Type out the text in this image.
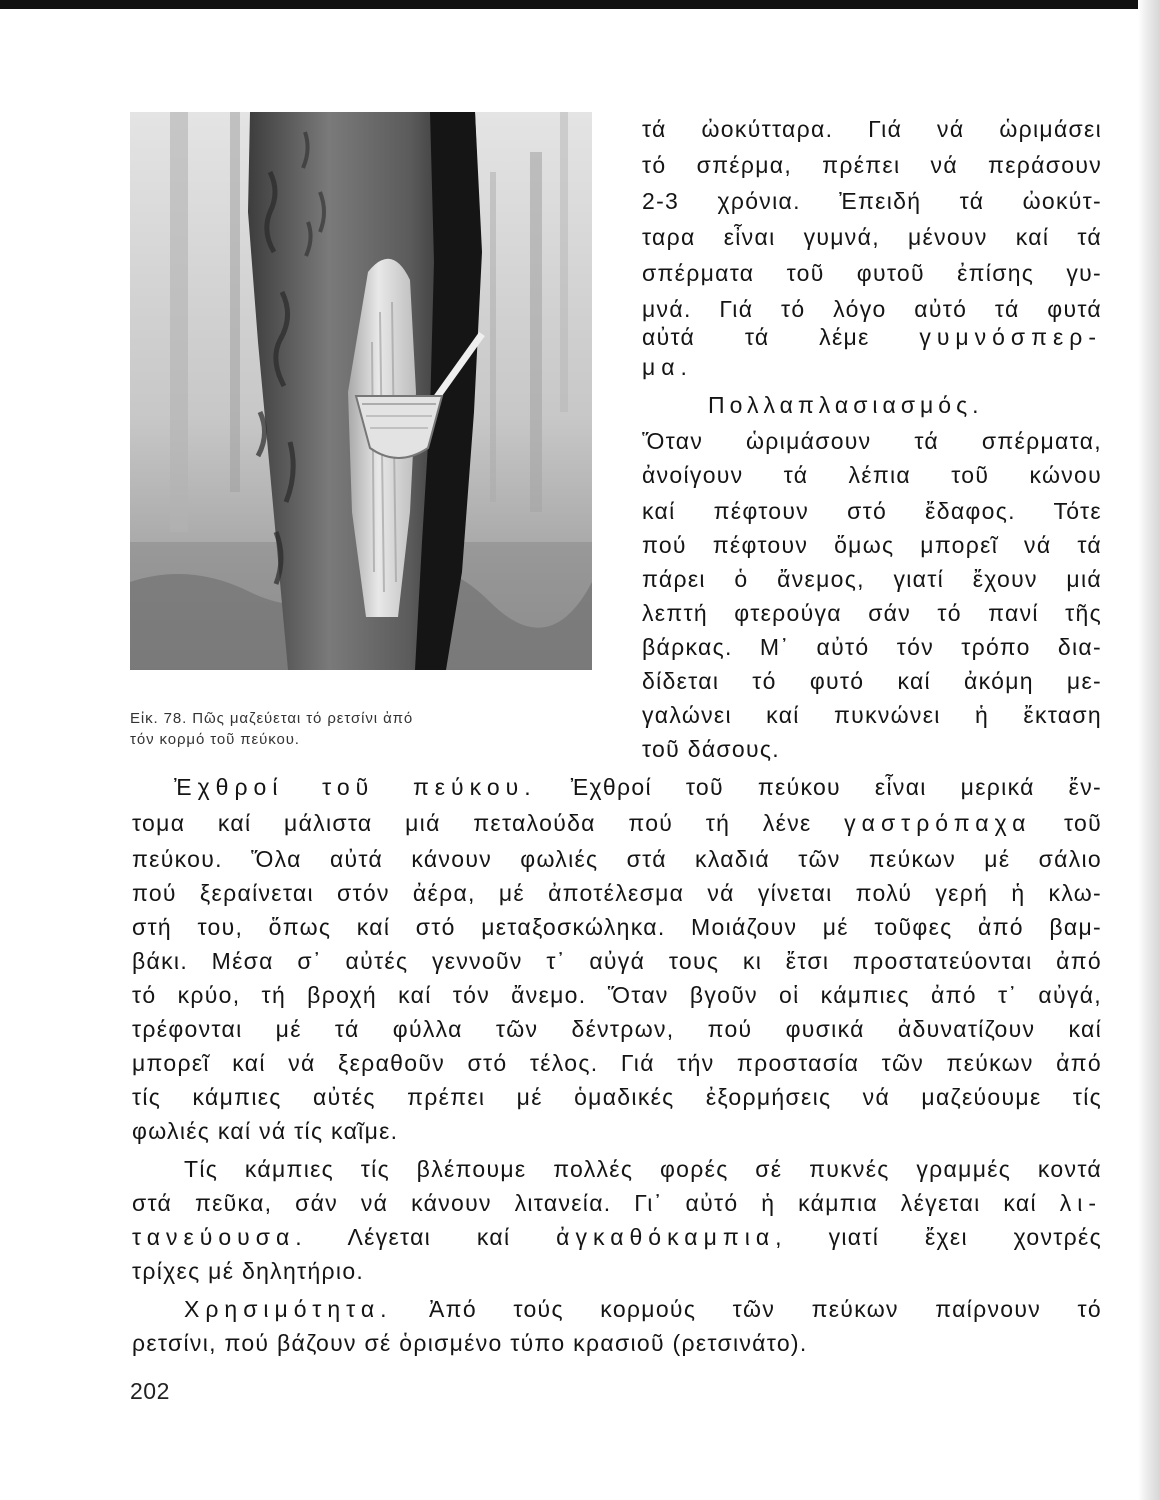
Εἰκ. 78. Πῶς μαζεύεται τό ρετσίνι ἀπό
τόν κορμό τοῦ πεύκου.
τά ὠοκύτταρα. Γιά νά ὡριμάσει
τό σπέρμα, πρέπει νά περάσουν
2-3 χρόνια. Ἐπειδή τά ὠοκύτ-
ταρα εἶναι γυμνά, μένουν καί τά
σπέρματα τοῦ φυτοῦ ἐπίσης γυ-
μνά. Γιά τό λόγο αὐτό τά φυτά
αὐτά τά λέμε γυμνόσπερ-
μα.
Πολλαπλασιασμός.
Ὅταν ὡριμάσουν τά σπέρματα,
ἀνοίγουν τά λέπια τοῦ κώνου
καί πέφτουν στό ἔδαφος. Τότε
πού πέφτουν ὅμως μπορεῖ νά τά
πάρει ὁ ἄνεμος, γιατί ἔχουν μιά
λεπτή φτερούγα σάν τό πανί τῆς
βάρκας. Μ᾿ αὐτό τόν τρόπο δια-
δίδεται τό φυτό καί ἀκόμη με-
γαλώνει καί πυκνώνει ἡ ἔκταση
τοῦ δάσους.
Ἐχθροί τοῦ πεύκου. Ἐχθροί τοῦ πεύκου εἶναι μερικά ἔν-
τομα καί μάλιστα μιά πεταλούδα πού τή λένε γαστρόπαχα τοῦ
πεύκου. Ὅλα αὐτά κάνουν φωλιές στά κλαδιά τῶν πεύκων μέ σάλιο
πού ξεραίνεται στόν ἀέρα, μέ ἀποτέλεσμα νά γίνεται πολύ γερή ἡ κλω-
στή του, ὅπως καί στό μεταξοσκώληκα. Μοιάζουν μέ τοῦφες ἀπό βαμ-
βάκι. Μέσα σ᾿ αὐτές γεννοῦν τ᾿ αὐγά τους κι ἔτσι προστατεύονται ἀπό
τό κρύο, τή βροχή καί τόν ἄνεμο. Ὅταν βγοῦν οἱ κάμπιες ἀπό τ᾿ αὐγά,
τρέφονται μέ τά φύλλα τῶν δέντρων, πού φυσικά ἀδυνατίζουν καί
μπορεῖ καί νά ξεραθοῦν στό τέλος. Γιά τήν προστασία τῶν πεύκων ἀπό
τίς κάμπιες αὐτές πρέπει μέ ὁμαδικές ἐξορμήσεις νά μαζεύουμε τίς
φωλιές καί νά τίς καῖμε.
Τίς κάμπιες τίς βλέπουμε πολλές φορές σέ πυκνές γραμμές κοντά
στά πεῦκα, σάν νά κάνουν λιτανεία. Γι᾿ αὐτό ἡ κάμπια λέγεται καί λι-
τανεύουσα. Λέγεται καί ἀγκαθόκαμπια, γιατί ἔχει χοντρές
τρίχες μέ δηλητήριο.
Χρησιμότητα. Ἀπό τούς κορμούς τῶν πεύκων παίρνουν τό
ρετσίνι, πού βάζουν σέ ὁρισμένο τύπο κρασιοῦ (ρετσινάτο).
202
